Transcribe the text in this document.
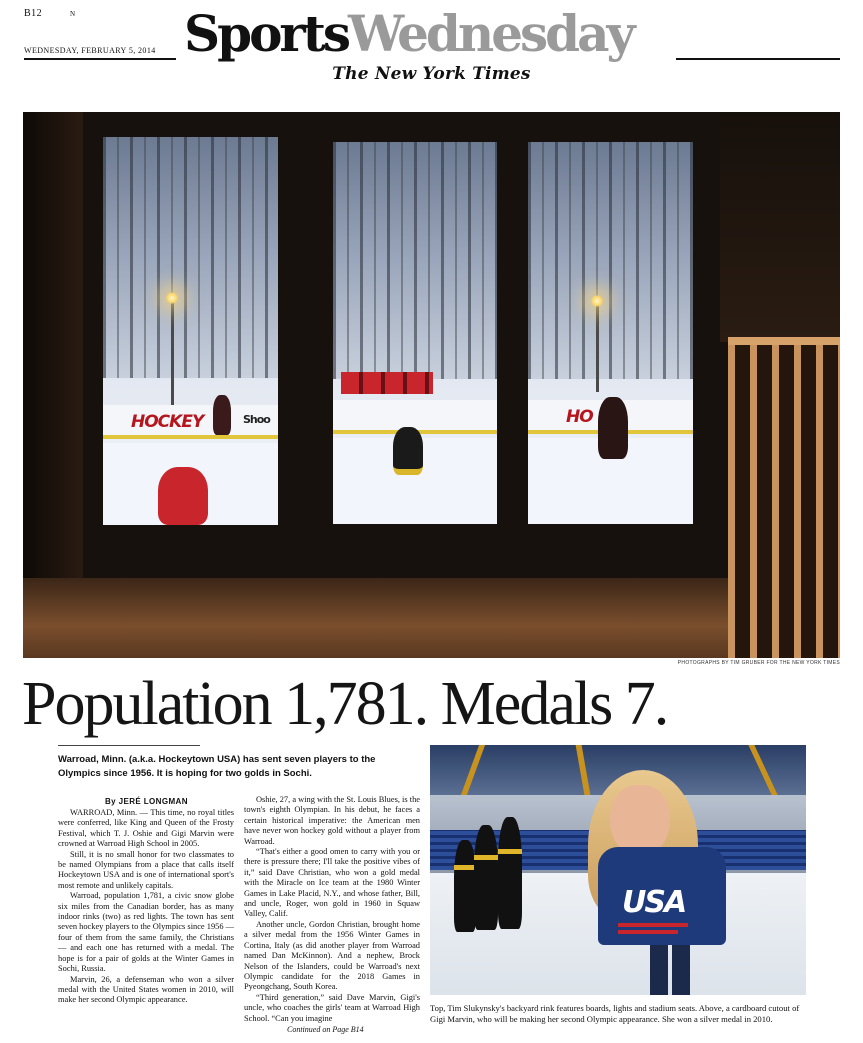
B12	N SportsWednesday
WEDNESDAY, FEBRUARY 5, 2014
The New York Times
HOCKEY	Shoo	HO
PHOTOGRAPHS BY TIM GRUBER FOR THE NEW YORK TIMES
Population 1,781. Medals 7.
Warroad, Minn. (a.k.a. Hockeytown USA) has sent seven players to the Olympics since 1956. It is hoping for two golds in Sochi.
By JERÉ LONGMAN

WARROAD, Minn. — This time, no royal titles were conferred, like King and Queen of the Frosty Festival, which T. J. Oshie and Gigi Marvin were crowned at Warroad High School in 2005.

Still, it is no small honor for two classmates to be named Olympians from a place that calls itself Hockeytown USA and is one of international sport's most remote and unlikely capitals.

Warroad, population 1,781, a civic snow globe six miles from the Canadian border, has as many indoor rinks (two) as red lights. The town has sent seven hockey players to the Olympics since 1956 — four of them from the same family, the Christians — and each one has returned with a medal. The hope is for a pair of golds at the Winter Games in Sochi, Russia.

Marvin, 26, a defenseman who won a silver medal with the United States women in 2010, will make her second Olympic appearance.

Oshie, 27, a wing with the St. Louis Blues, is the town's eighth Olympian. In his debut, he faces a certain historical imperative: the American men have never won hockey gold without a player from Warroad.

“That's either a good omen to carry with you or there is pressure there; I'll take the positive vibes of it,” said Dave Christian, who won a gold medal with the Miracle on Ice team at the 1980 Winter Games in Lake Placid, N.Y., and whose father, Bill, and uncle, Roger, won gold in 1960 in Squaw Valley, Calif.

Another uncle, Gordon Christian, brought home a silver medal from the 1956 Winter Games in Cortina, Italy (as did another player from Warroad named Dan McKinnon). And a nephew, Brock Nelson of the Islanders, could be Warroad's next Olympic candidate for the 2018 Games in Pyeongchang, South Korea.

“Third generation,” said Dave Marvin, Gigi's uncle, who coaches the girls' team at Warroad High School. “Can you imagine

Continued on Page B14
USA
Top, Tim Slukynsky's backyard rink features boards, lights and stadium seats. Above, a cardboard cutout of Gigi Marvin, who will be making her second Olympic appearance. She won a silver medal in 2010.
